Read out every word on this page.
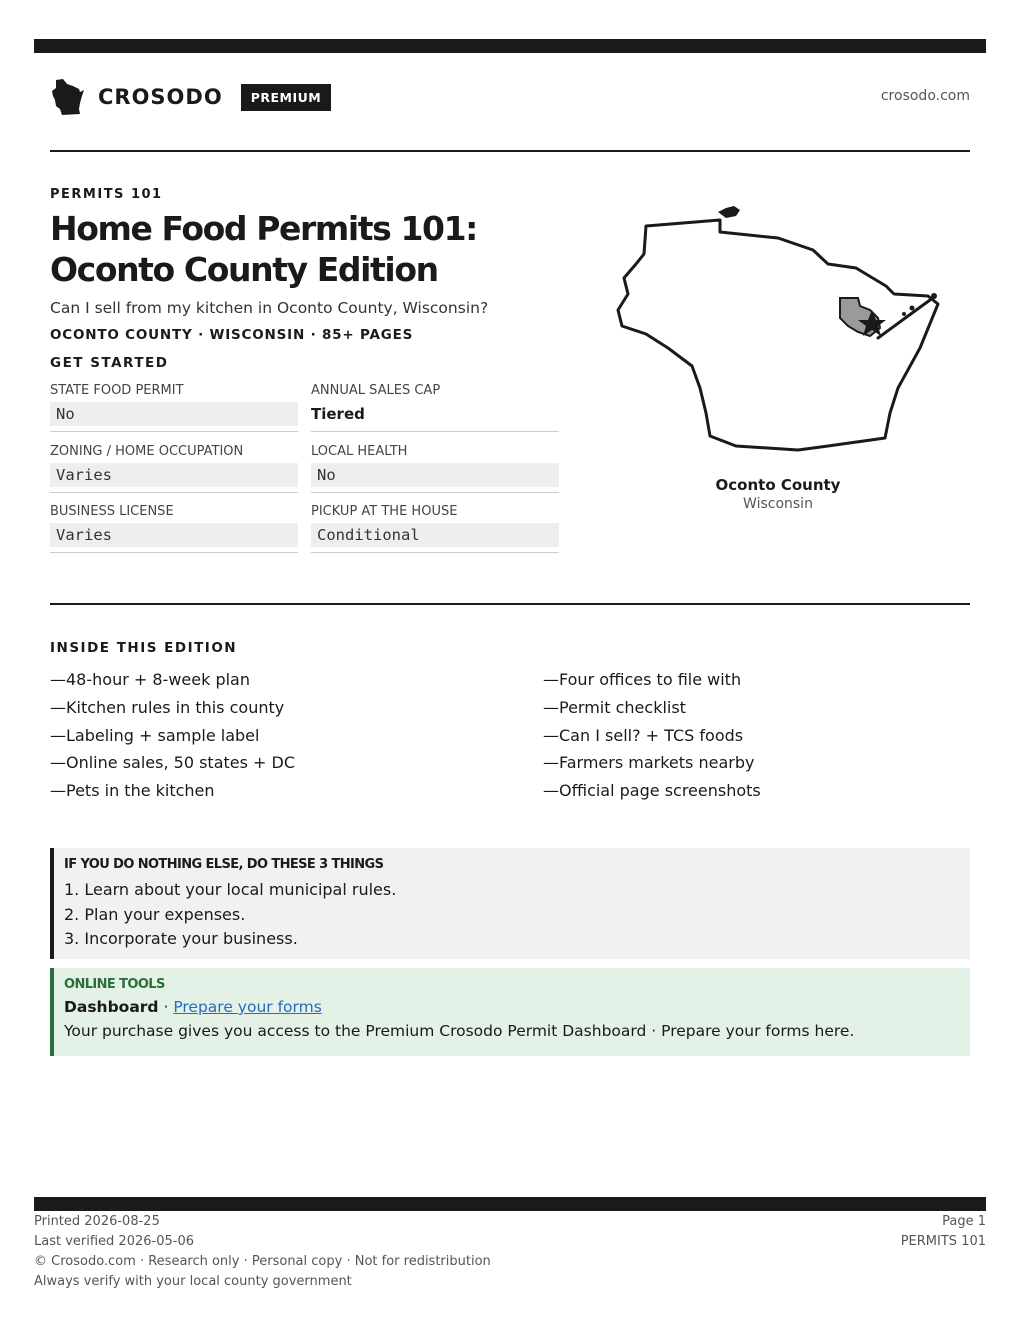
CROSODO	PREMIUM	crosodo.com
PERMITS 101
Home Food Permits 101: Oconto County Edition
Can I sell from my kitchen in Oconto County, Wisconsin?
OCONTO COUNTY · WISCONSIN · 85+ PAGES
GET STARTED
STATE FOOD PERMIT
No
ANNUAL SALES CAP
Tiered
ZONING / HOME OCCUPATION
Varies
LOCAL HEALTH
No
BUSINESS LICENSE
Varies
PICKUP AT THE HOUSE
Conditional
Oconto County
Wisconsin
INSIDE THIS EDITION
—48-hour + 8-week plan
—Kitchen rules in this county
—Labeling + sample label
—Online sales, 50 states + DC
—Pets in the kitchen
—Four offices to file with
—Permit checklist
—Can I sell? + TCS foods
—Farmers markets nearby
—Official page screenshots
IF YOU DO NOTHING ELSE, DO THESE 3 THINGS
1. Learn about your local municipal rules.
2. Plan your expenses.
3. Incorporate your business.
ONLINE TOOLS
Dashboard · Prepare your forms
Your purchase gives you access to the Premium Crosodo Permit Dashboard · Prepare your forms here.
Printed 2026-08-25
Last verified 2026-05-06
© Crosodo.com · Research only · Personal copy · Not for redistribution
Always verify with your local county government
Page 1
PERMITS 101
